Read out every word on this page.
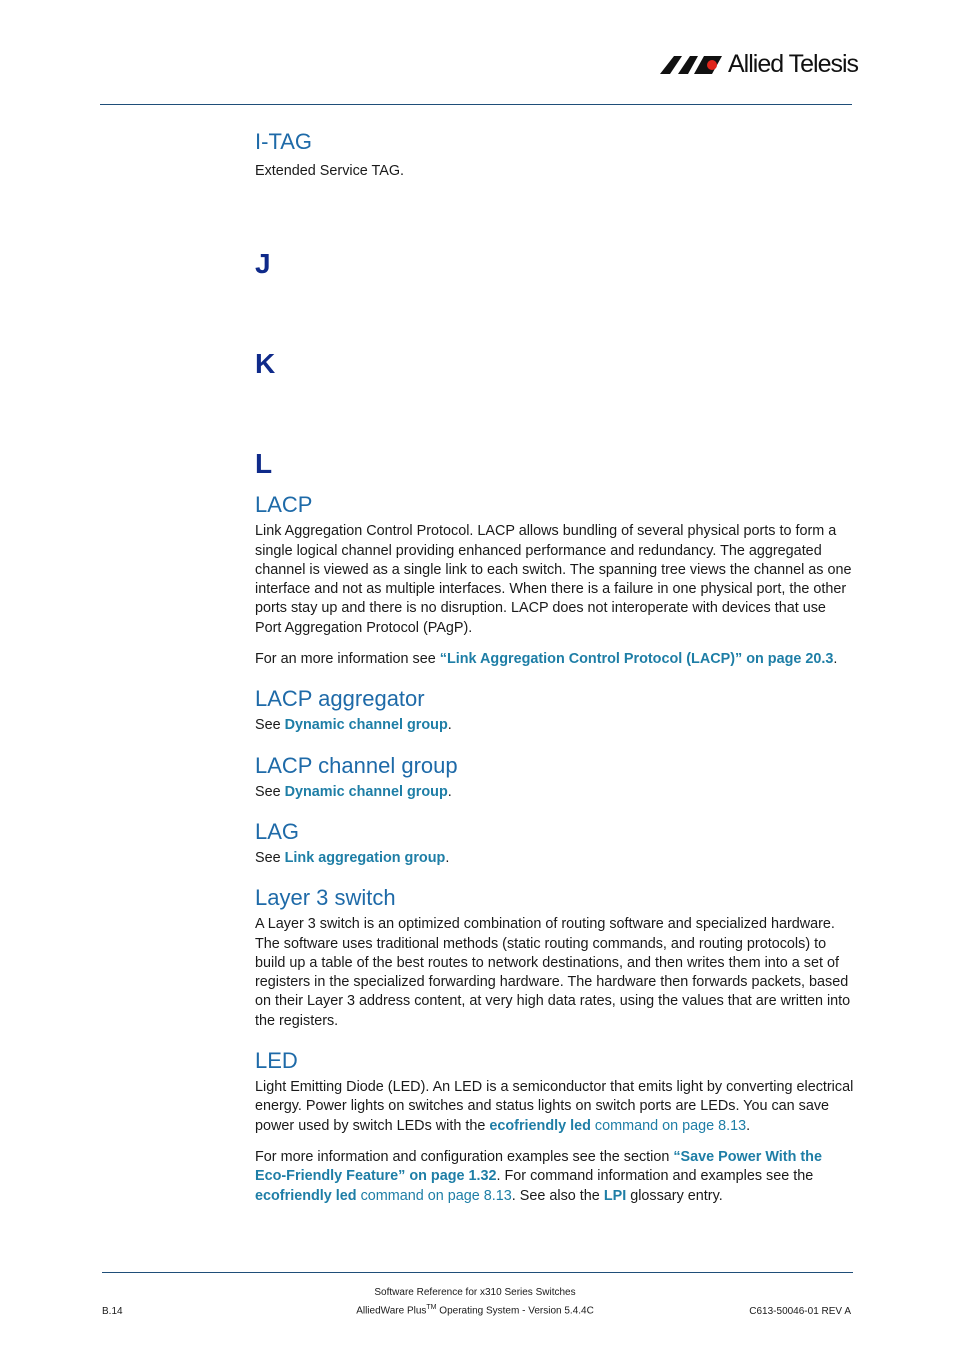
Allied Telesis
I-TAG

Extended Service TAG.

J
K
L
LACP

Link Aggregation Control Protocol. LACP allows bundling of several physical ports to form a single logical channel providing enhanced performance and redundancy. The aggregated channel is viewed as a single link to each switch. The spanning tree views the channel as one interface and not as multiple interfaces. When there is a failure in one physical port, the other ports stay up and there is no disruption. LACP does not interoperate with devices that use Port Aggregation Protocol (PAgP).

For an more information see “Link Aggregation Control Protocol (LACP)” on page 20.3.

LACP aggregator

See Dynamic channel group.

LACP channel group

See Dynamic channel group.

LAG

See Link aggregation group.

Layer 3 switch

A Layer 3 switch is an optimized combination of routing software and specialized hardware. The software uses traditional methods (static routing commands, and routing protocols) to build up a table of the best routes to network destinations, and then writes them into a set of registers in the specialized forwarding hardware. The hardware then forwards packets, based on their Layer 3 address content, at very high data rates, using the values that are written into the registers.

LED

Light Emitting Diode (LED). An LED is a semiconductor that emits light by converting electrical energy. Power lights on switches and status lights on switch ports are LEDs. You can save power used by switch LEDs with the ecofriendly led command on page 8.13.

For more information and configuration examples see the section “Save Power With the Eco-Friendly Feature” on page 1.32. For command information and examples see the ecofriendly led command on page 8.13. See also the LPI glossary entry.

Software Reference for x310 Series Switches
AlliedWare Plus™ Operating System - Version 5.4.4C
B.14	C613-50046-01 REV A
